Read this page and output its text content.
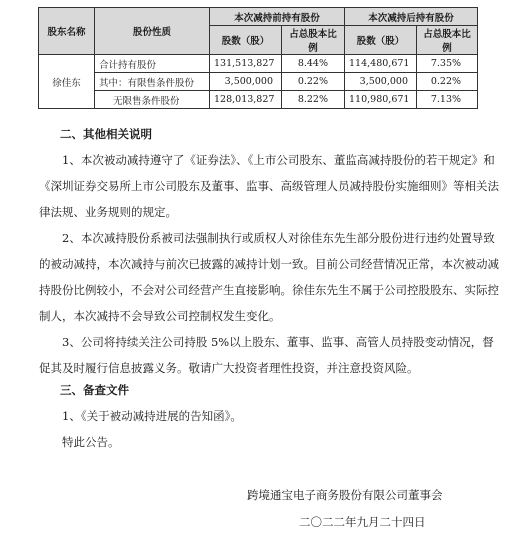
股东名称	股份性质	本次减持前持有股份		本次减持后持有股份	
		股数（股）	占总股本比例	股数（股）	占总股本比例
徐佳东	合计持有股份	131,513,827	8.44%	114,480,671	7.35%
	其中：有限售条件股份	3,500,000	0.22%	3,500,000	0.22%
	无限售条件股份	128,013,827	8.22%	110,980,671	7.13%
二、其他相关说明
1、本次被动减持遵守了《证券法》、《上市公司股东、董监高减持股份的若干规定》和
《深圳证券交易所上市公司股东及董事、监事、高级管理人员减持股份实施细则》等相关法
律法规、业务规则的规定。
2、本次减持股份系被司法强制执行或质权人对徐佳东先生部分股份进行违约处置导致
的被动减持，本次减持与前次已披露的减持计划一致。目前公司经营情况正常，本次被动减
持股份比例较小，不会对公司经营产生直接影响。徐佳东先生不属于公司控股股东、实际控
制人，本次减持不会导致公司控制权发生变化。
3、公司将持续关注公司持股 5%以上股东、董事、监事、高管人员持股变动情况，督
促其及时履行信息披露义务。敬请广大投资者理性投资，并注意投资风险。
三、备查文件
1、《关于被动减持进展的告知函》。
特此公告。
跨境通宝电子商务股份有限公司董事会
二〇二二年九月二十四日
